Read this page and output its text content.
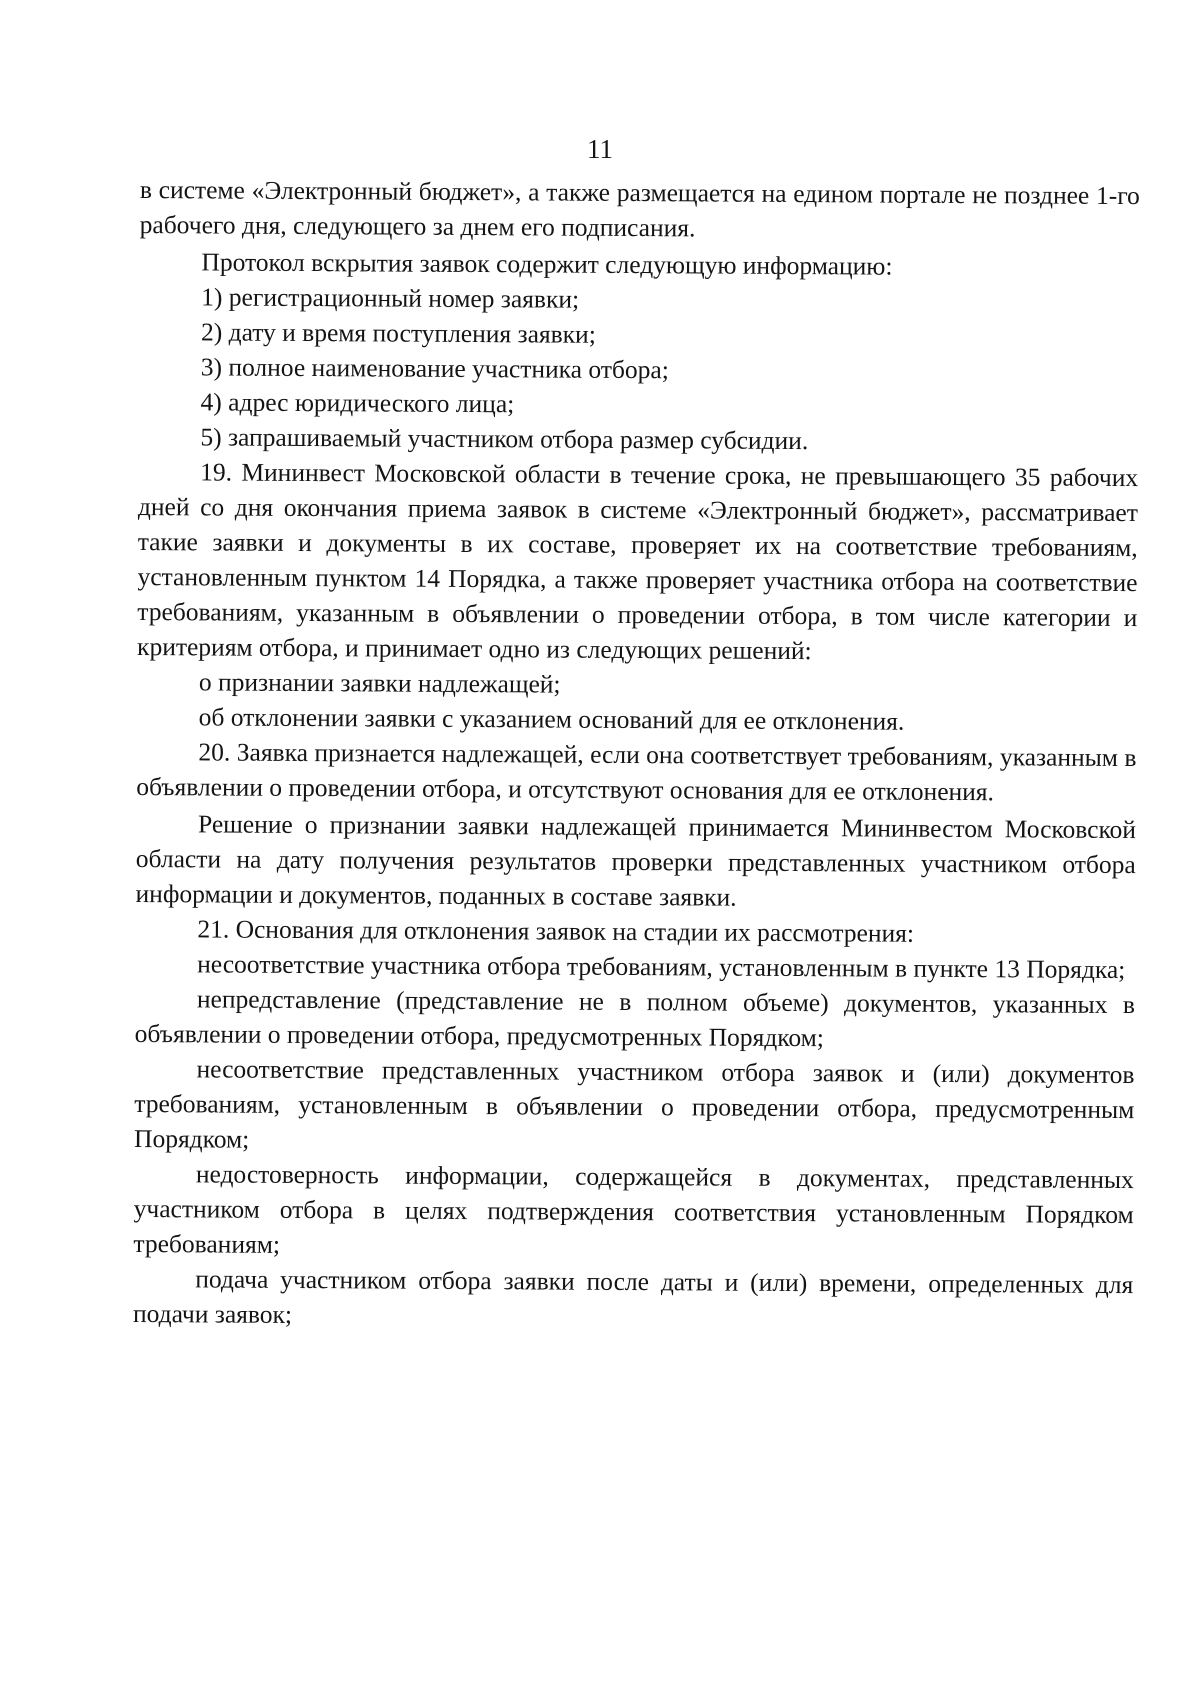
11

в системе «Электронный бюджет», а также размещается на едином портале не позднее 1-го рабочего дня, следующего за днем его подписания.

Протокол вскрытия заявок содержит следующую информацию:

1) регистрационный номер заявки;

2) дату и время поступления заявки;

3) полное наименование участника отбора;

4) адрес юридического лица;

5) запрашиваемый участником отбора размер субсидии.

19. Мининвест Московской области в течение срока, не превышающего 35 рабочих дней со дня окончания приема заявок в системе «Электронный бюджет», рассматривает такие заявки и документы в их составе, проверяет их на соответствие требованиям, установленным пунктом 14 Порядка, а также проверяет участника отбора на соответствие требованиям, указанным в объявлении о проведении отбора, в том числе категории и критериям отбора, и принимает одно из следующих решений:

о признании заявки надлежащей;

об отклонении заявки с указанием оснований для ее отклонения.

20. Заявка признается надлежащей, если она соответствует требованиям, указанным в объявлении о проведении отбора, и отсутствуют основания для ее отклонения.

Решение о признании заявки надлежащей принимается Мининвестом Московской области на дату получения результатов проверки представленных участником отбора информации и документов, поданных в составе заявки.

21. Основания для отклонения заявок на стадии их рассмотрения:

несоответствие участника отбора требованиям, установленным в пункте 13 Порядка;

непредставление (представление не в полном объеме) документов, указанных в объявлении о проведении отбора, предусмотренных Порядком;

несоответствие представленных участником отбора заявок и (или) документов требованиям, установленным в объявлении о проведении отбора, предусмотренным Порядком;

недостоверность информации, содержащейся в документах, представленных участником отбора в целях подтверждения соответствия установленным Порядком требованиям;

подача участником отбора заявки после даты и (или) времени, определенных для подачи заявок;
